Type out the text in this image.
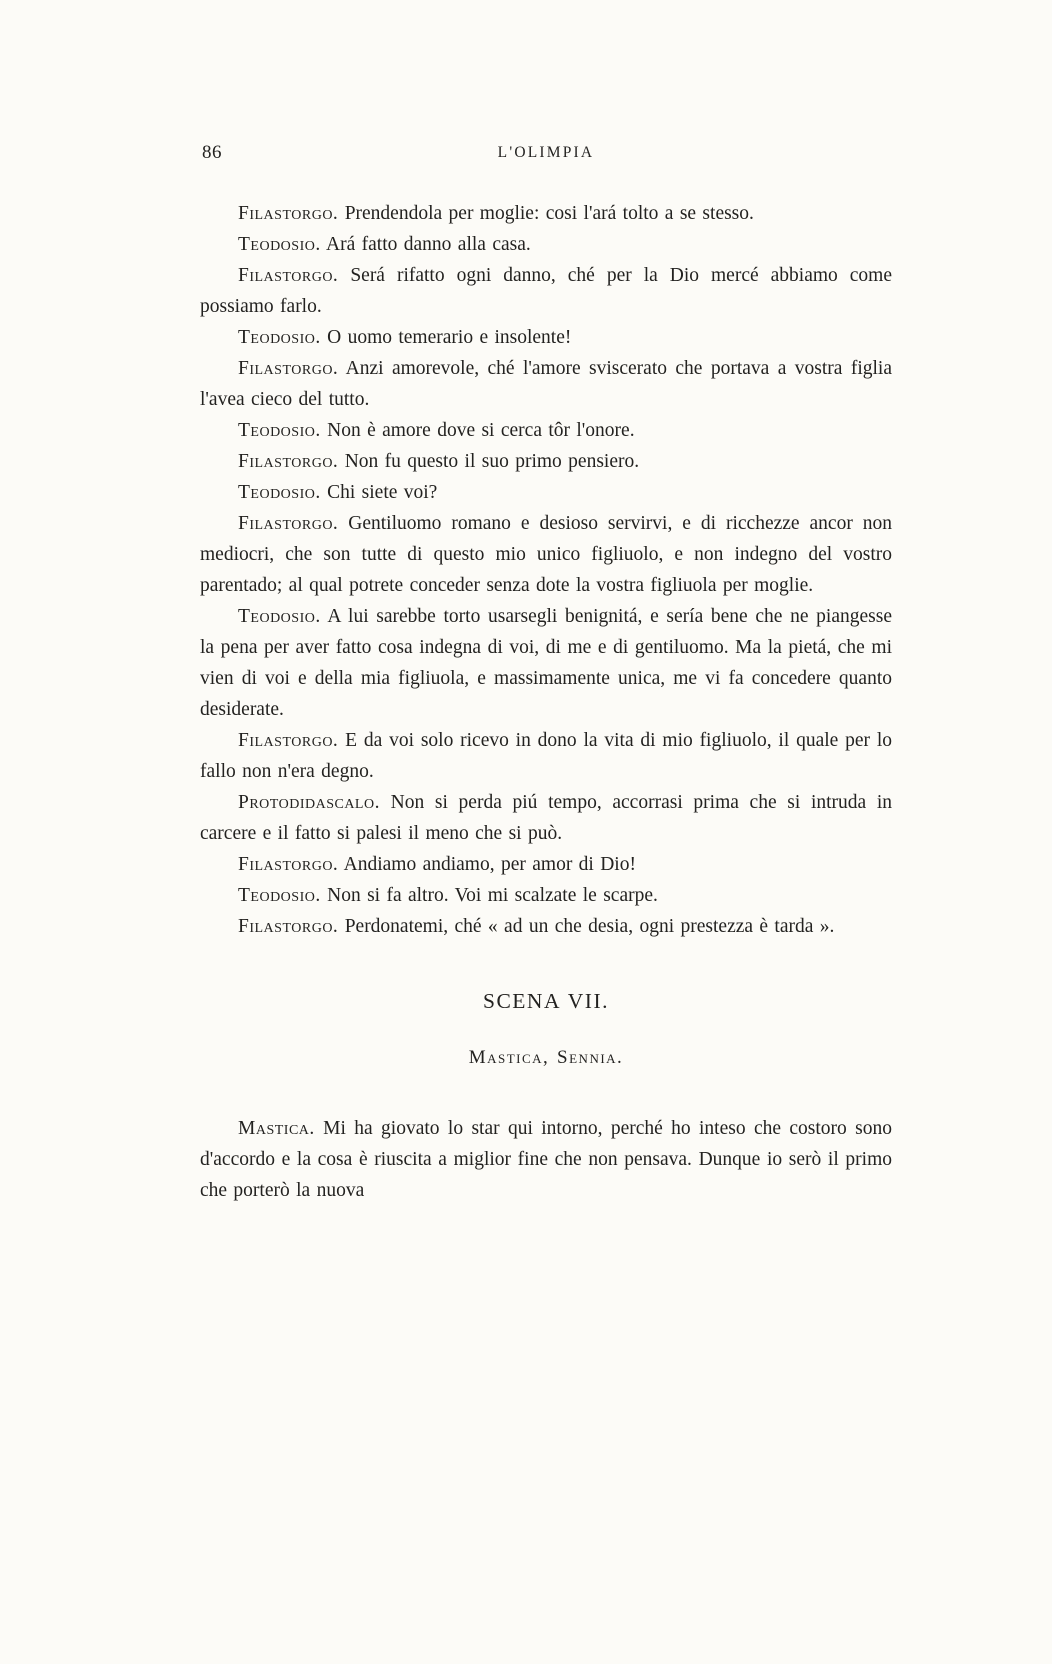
86	L'OLIMPIA

Filastorgo. Prendendola per moglie: cosi l'ará tolto a se stesso.

Teodosio. Ará fatto danno alla casa.

Filastorgo. Será rifatto ogni danno, ché per la Dio mercé abbiamo come possiamo farlo.

Teodosio. O uomo temerario e insolente!

Filastorgo. Anzi amorevole, ché l'amore sviscerato che portava a vostra figlia l'avea cieco del tutto.

Teodosio. Non è amore dove si cerca tôr l'onore.

Filastorgo. Non fu questo il suo primo pensiero.

Teodosio. Chi siete voi?

Filastorgo. Gentiluomo romano e desioso servirvi, e di ricchezze ancor non mediocri, che son tutte di questo mio unico figliuolo, e non indegno del vostro parentado; al qual potrete conceder senza dote la vostra figliuola per moglie.

Teodosio. A lui sarebbe torto usarsegli benignitá, e sería bene che ne piangesse la pena per aver fatto cosa indegna di voi, di me e di gentiluomo. Ma la pietá, che mi vien di voi e della mia figliuola, e massimamente unica, me vi fa concedere quanto desiderate.

Filastorgo. E da voi solo ricevo in dono la vita di mio figliuolo, il quale per lo fallo non n'era degno.

Protodidascalo. Non si perda piú tempo, accorrasi prima che si intruda in carcere e il fatto si palesi il meno che si può.

Filastorgo. Andiamo andiamo, per amor di Dio!

Teodosio. Non si fa altro. Voi mi scalzate le scarpe.

Filastorgo. Perdonatemi, ché « ad un che desia, ogni prestezza è tarda ».

SCENA VII.

Mastica, Sennia.

Mastica. Mi ha giovato lo star qui intorno, perché ho inteso che costoro sono d'accordo e la cosa è riuscita a miglior fine che non pensava. Dunque io serò il primo che porterò la nuova
